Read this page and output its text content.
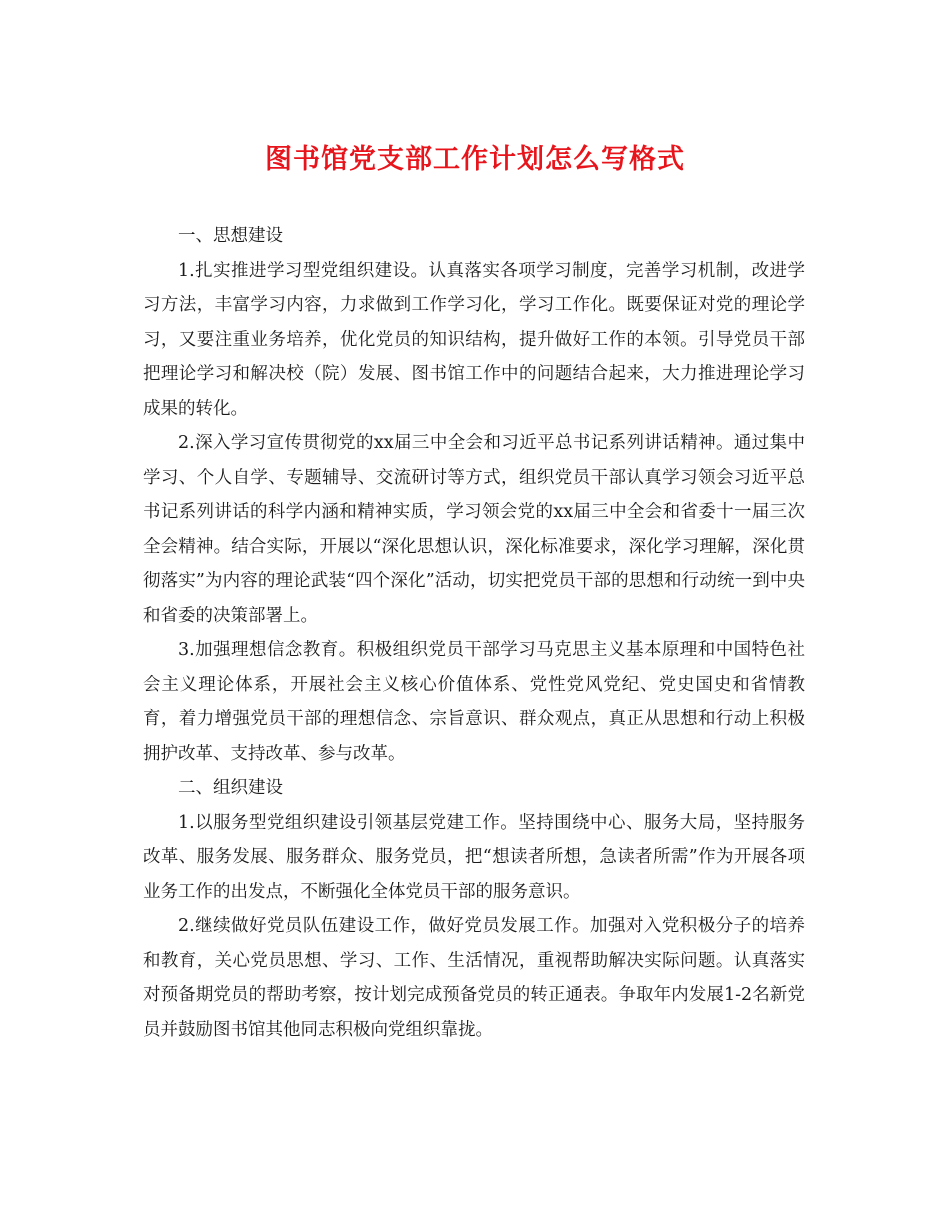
图书馆党支部工作计划怎么写格式

一、思想建设

1.扎实推进学习型党组织建设。认真落实各项学习制度，完善学习机制，改进学习方法，丰富学习内容，力求做到工作学习化，学习工作化。既要保证对党的理论学习，又要注重业务培养，优化党员的知识结构，提升做好工作的本领。引导党员干部把理论学习和解决校（院）发展、图书馆工作中的问题结合起来，大力推进理论学习成果的转化。

2.深入学习宣传贯彻党的xx届三中全会和习近平总书记系列讲话精神。通过集中学习、个人自学、专题辅导、交流研讨等方式，组织党员干部认真学习领会习近平总书记系列讲话的科学内涵和精神实质，学习领会党的xx届三中全会和省委十一届三次全会精神。结合实际，开展以“深化思想认识，深化标准要求，深化学习理解，深化贯彻落实”为内容的理论武装“四个深化”活动，切实把党员干部的思想和行动统一到中央和省委的决策部署上。

3.加强理想信念教育。积极组织党员干部学习马克思主义基本原理和中国特色社会主义理论体系，开展社会主义核心价值体系、党性党风党纪、党史国史和省情教育，着力增强党员干部的理想信念、宗旨意识、群众观点，真正从思想和行动上积极拥护改革、支持改革、参与改革。

二、组织建设

1.以服务型党组织建设引领基层党建工作。坚持围绕中心、服务大局，坚持服务改革、服务发展、服务群众、服务党员，把“想读者所想，急读者所需”作为开展各项业务工作的出发点，不断强化全体党员干部的服务意识。

2.继续做好党员队伍建设工作，做好党员发展工作。加强对入党积极分子的培养和教育，关心党员思想、学习、工作、生活情况，重视帮助解决实际问题。认真落实对预备期党员的帮助考察，按计划完成预备党员的转正通表。争取年内发展1-2名新党员并鼓励图书馆其他同志积极向党组织靠拢。
